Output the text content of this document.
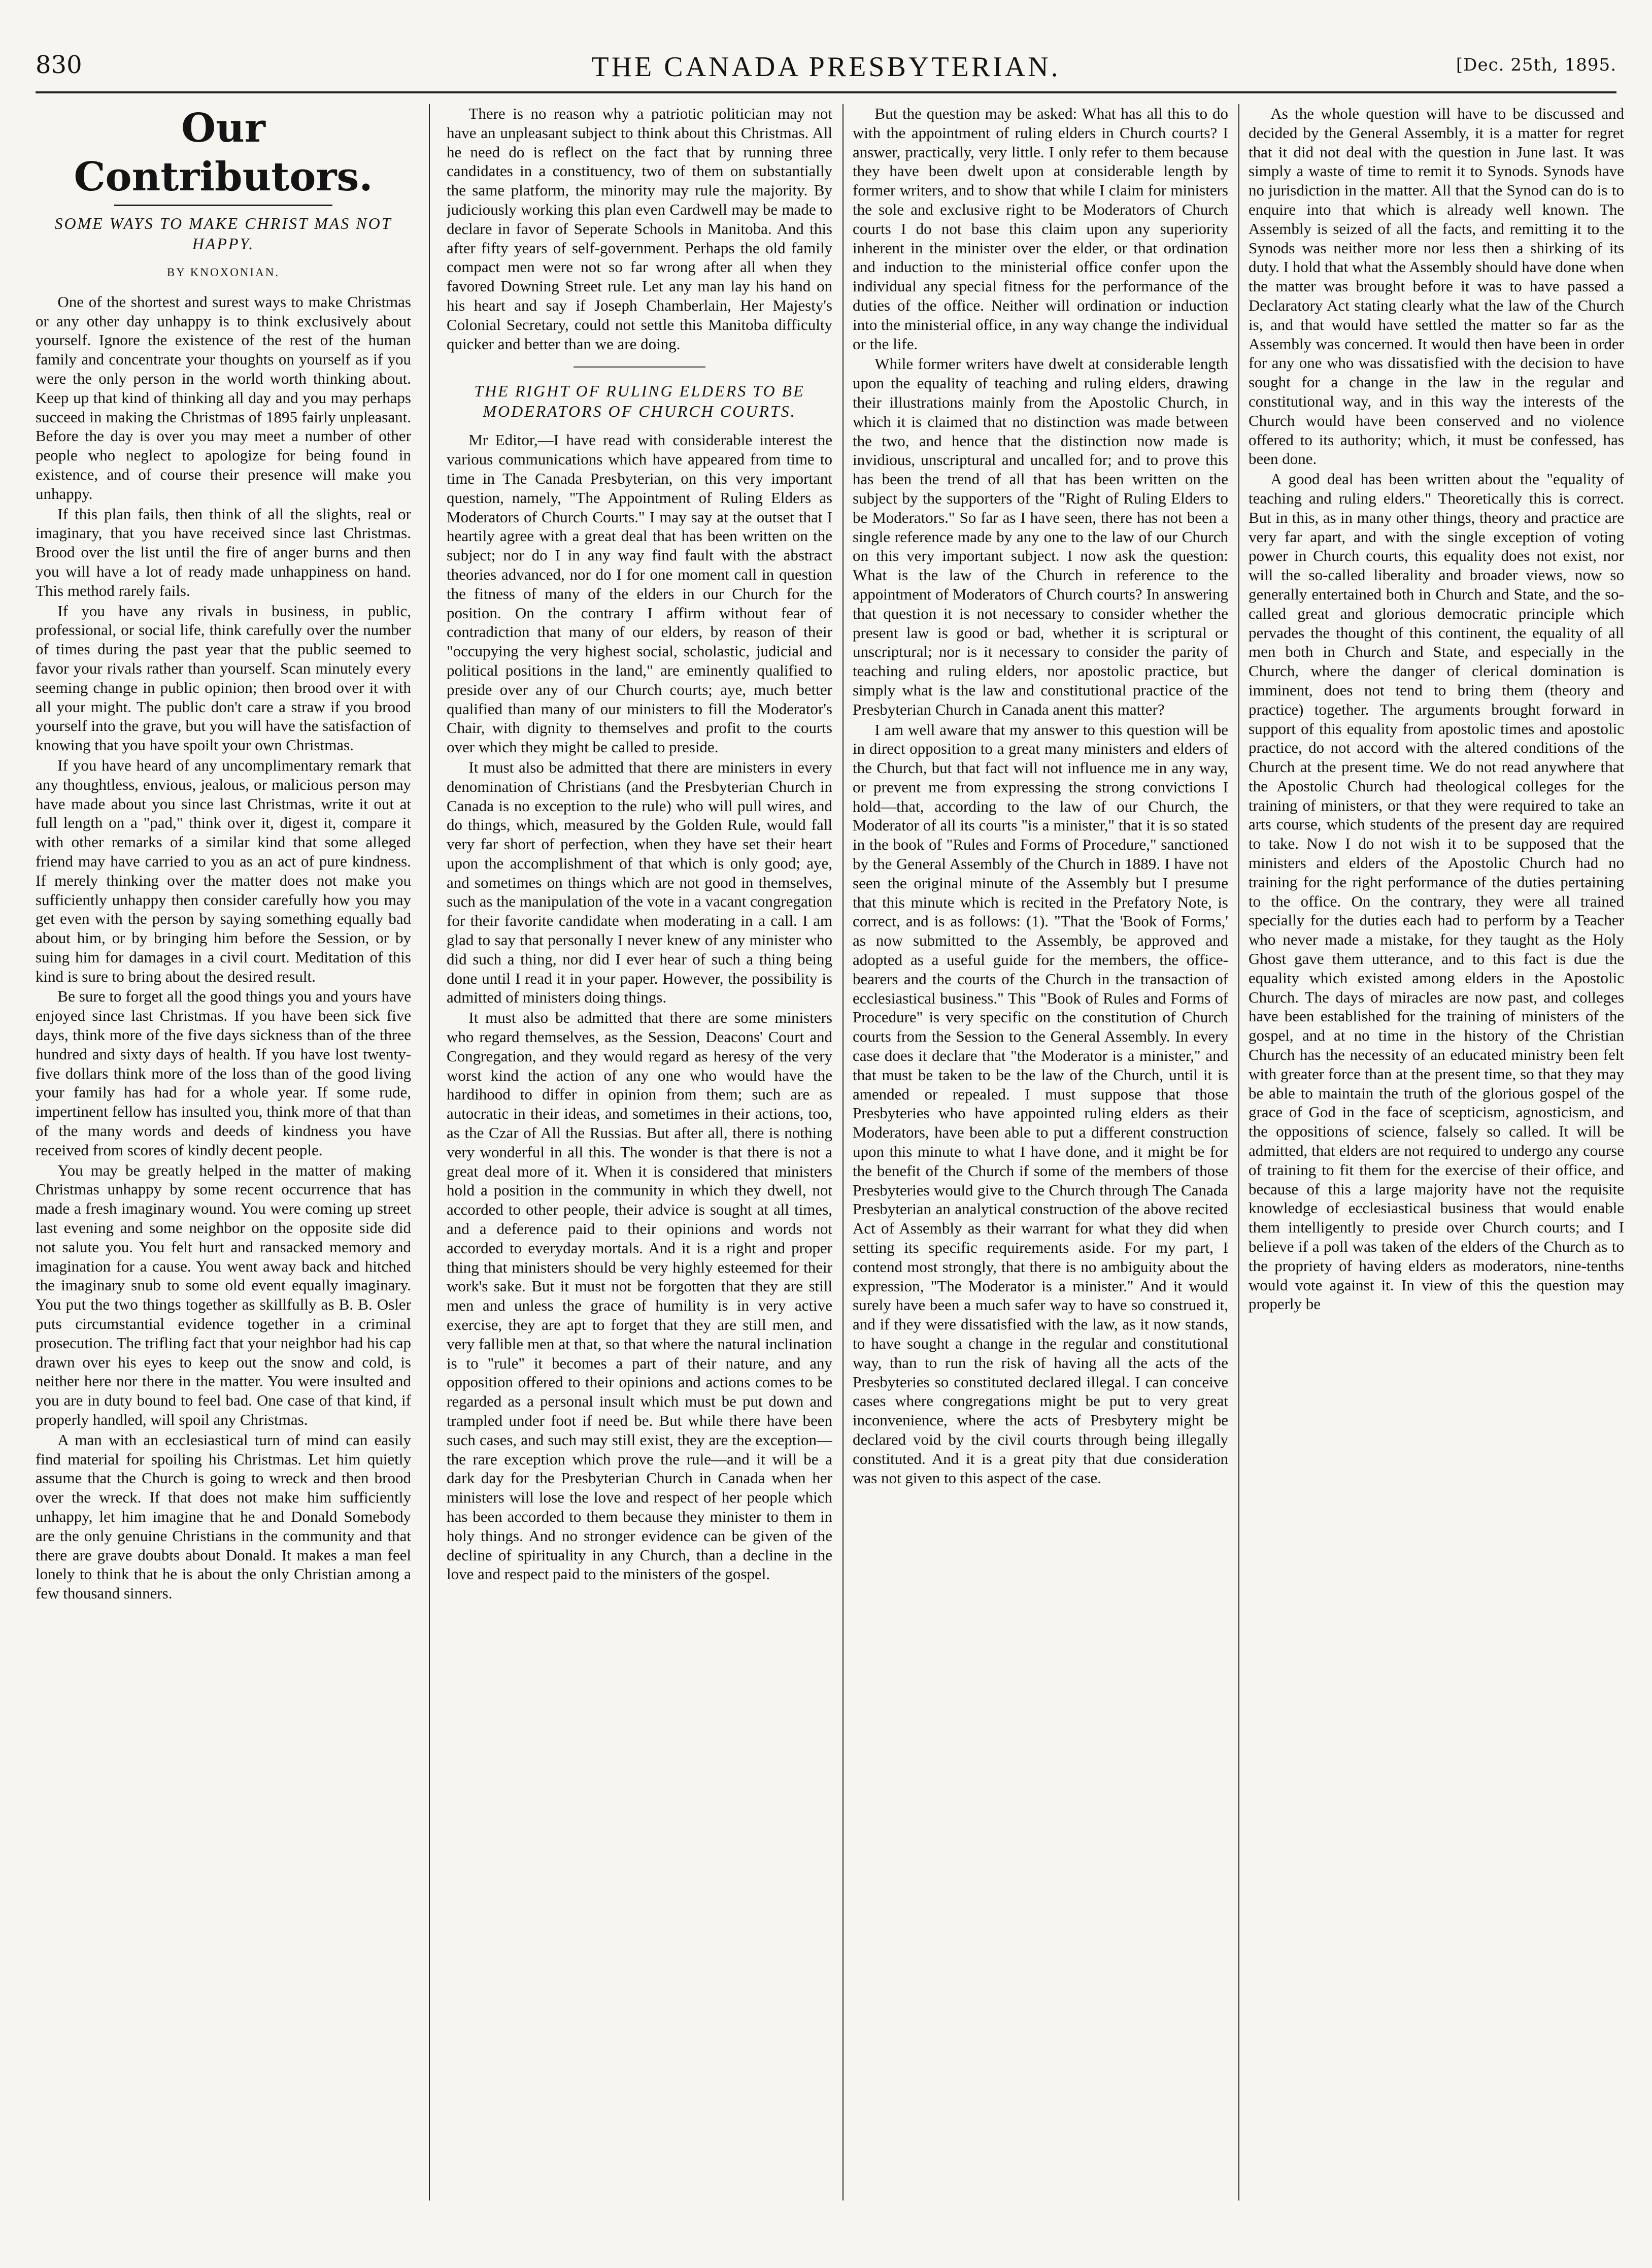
830	THE CANADA PRESBYTERIAN.	[Dec. 25th, 1895.
Our Contributors.
SOME WAYS TO MAKE CHRIST MAS NOT HAPPY.
BY KNOXONIAN.

One of the shortest and surest ways to make Christmas or any other day unhappy is to think exclusively about yourself. Ignore the existence of the rest of the human family and concentrate your thoughts on yourself as if you were the only person in the world worth thinking about. Keep up that kind of thinking all day and you may perhaps succeed in making the Christmas of 1895 fairly unpleasant. Before the day is over you may meet a number of other people who neglect to apologize for being found in existence, and of course their presence will make you unhappy.

If this plan fails, then think of all the slights, real or imaginary, that you have received since last Christmas. Brood over the list until the fire of anger burns and then you will have a lot of ready made unhappiness on hand. This method rarely fails.

If you have any rivals in business, in public, professional, or social life, think carefully over the number of times during the past year that the public seemed to favor your rivals rather than yourself. Scan minutely every seeming change in public opinion; then brood over it with all your might. The public don't care a straw if you brood yourself into the grave, but you will have the satisfaction of knowing that you have spoilt your own Christmas.

If you have heard of any uncomplimentary remark that any thoughtless, envious, jealous, or malicious person may have made about you since last Christmas, write it out at full length on a "pad," think over it, digest it, compare it with other remarks of a similar kind that some alleged friend may have carried to you as an act of pure kindness. If merely thinking over the matter does not make you sufficiently unhappy then consider carefully how you may get even with the person by saying something equally bad about him, or by bringing him before the Session, or by suing him for damages in a civil court. Meditation of this kind is sure to bring about the desired result.

Be sure to forget all the good things you and yours have enjoyed since last Christmas. If you have been sick five days, think more of the five days sickness than of the three hundred and sixty days of health. If you have lost twenty-five dollars think more of the loss than of the good living your family has had for a whole year. If some rude, impertinent fellow has insulted you, think more of that than of the many words and deeds of kindness you have received from scores of kindly decent people.

You may be greatly helped in the matter of making Christmas unhappy by some recent occurrence that has made a fresh imaginary wound. You were coming up street last evening and some neighbor on the opposite side did not salute you. You felt hurt and ransacked memory and imagination for a cause. You went away back and hitched the imaginary snub to some old event equally imaginary. You put the two things together as skillfully as B. B. Osler puts circumstantial evidence together in a criminal prosecution. The trifling fact that your neighbor had his cap drawn over his eyes to keep out the snow and cold, is neither here nor there in the matter. You were insulted and you are in duty bound to feel bad. One case of that kind, if properly handled, will spoil any Christmas.

A man with an ecclesiastical turn of mind can easily find material for spoiling his Christmas. Let him quietly assume that the Church is going to wreck and then brood over the wreck. If that does not make him sufficiently unhappy, let him imagine that he and Donald Somebody are the only genuine Christians in the community and that there are grave doubts about Donald. It makes a man feel lonely to think that he is about the only Christian among a few thousand sinners.

There is no reason why a patriotic politician may not have an unpleasant subject to think about this Christmas. All he need do is reflect on the fact that by running three candidates in a constituency, two of them on substantially the same platform, the minority may rule the majority. By judiciously working this plan even Cardwell may be made to declare in favor of Seperate Schools in Manitoba. And this after fifty years of self-government. Perhaps the old family compact men were not so far wrong after all when they favored Downing Street rule. Let any man lay his hand on his heart and say if Joseph Chamberlain, Her Majesty's Colonial Secretary, could not settle this Manitoba difficulty quicker and better than we are doing.

THE RIGHT OF RULING ELDERS TO BE MODERATORS OF CHURCH COURTS.

Mr Editor,—I have read with considerable interest the various communications which have appeared from time to time in The Canada Presbyterian, on this very important question, namely, "The Appointment of Ruling Elders as Moderators of Church Courts." I may say at the outset that I heartily agree with a great deal that has been written on the subject; nor do I in any way find fault with the abstract theories advanced, nor do I for one moment call in question the fitness of many of the elders in our Church for the position. On the contrary I affirm without fear of contradiction that many of our elders, by reason of their "occupying the very highest social, scholastic, judicial and political positions in the land," are eminently qualified to preside over any of our Church courts; aye, much better qualified than many of our ministers to fill the Moderator's Chair, with dignity to themselves and profit to the courts over which they might be called to preside.

It must also be admitted that there are ministers in every denomination of Christians (and the Presbyterian Church in Canada is no exception to the rule) who will pull wires, and do things, which, measured by the Golden Rule, would fall very far short of perfection, when they have set their heart upon the accomplishment of that which is only good; aye, and sometimes on things which are not good in themselves, such as the manipulation of the vote in a vacant congregation for their favorite candidate when moderating in a call. I am glad to say that personally I never knew of any minister who did such a thing, nor did I ever hear of such a thing being done until I read it in your paper. However, the possibility is admitted of ministers doing things.

It must also be admitted that there are some ministers who regard themselves, as the Session, Deacons' Court and Congregation, and they would regard as heresy of the very worst kind the action of any one who would have the hardihood to differ in opinion from them; such are as autocratic in their ideas, and sometimes in their actions, too, as the Czar of All the Russias. But after all, there is nothing very wonderful in all this. The wonder is that there is not a great deal more of it. When it is considered that ministers hold a position in the community in which they dwell, not accorded to other people, their advice is sought at all times, and a deference paid to their opinions and words not accorded to everyday mortals. And it is a right and proper thing that ministers should be very highly esteemed for their work's sake. But it must not be forgotten that they are still men and unless the grace of humility is in very active exercise, they are apt to forget that they are still men, and very fallible men at that, so that where the natural inclination is to "rule" it becomes a part of their nature, and any opposition offered to their opinions and actions comes to be regarded as a personal insult which must be put down and trampled under foot if need be. But while there have been such cases, and such may still exist, they are the exception—the rare exception which prove the rule—and it will be a dark day for the Presbyterian Church in Canada when her ministers will lose the love and respect of her people which has been accorded to them because they minister to them in holy things. And no stronger evidence can be given of the decline of spirituality in any Church, than a decline in the love and respect paid to the ministers of the gospel.

But the question may be asked: What has all this to do with the appointment of ruling elders in Church courts? I answer, practically, very little. I only refer to them because they have been dwelt upon at considerable length by former writers, and to show that while I claim for ministers the sole and exclusive right to be Moderators of Church courts I do not base this claim upon any superiority inherent in the minister over the elder, or that ordination and induction to the ministerial office confer upon the individual any special fitness for the performance of the duties of the office. Neither will ordination or induction into the ministerial office, in any way change the individual or the life.

While former writers have dwelt at considerable length upon the equality of teaching and ruling elders, drawing their illustrations mainly from the Apostolic Church, in which it is claimed that no distinction was made between the two, and hence that the distinction now made is invidious, unscriptural and uncalled for; and to prove this has been the trend of all that has been written on the subject by the supporters of the "Right of Ruling Elders to be Moderators." So far as I have seen, there has not been a single reference made by any one to the law of our Church on this very important subject. I now ask the question: What is the law of the Church in reference to the appointment of Moderators of Church courts? In answering that question it is not necessary to consider whether the present law is good or bad, whether it is scriptural or unscriptural; nor is it necessary to consider the parity of teaching and ruling elders, nor apostolic practice, but simply what is the law and constitutional practice of the Presbyterian Church in Canada anent this matter?

I am well aware that my answer to this question will be in direct opposition to a great many ministers and elders of the Church, but that fact will not influence me in any way, or prevent me from expressing the strong convictions I hold—that, according to the law of our Church, the Moderator of all its courts "is a minister," that it is so stated in the book of "Rules and Forms of Procedure," sanctioned by the General Assembly of the Church in 1889. I have not seen the original minute of the Assembly but I presume that this minute which is recited in the Prefatory Note, is correct, and is as follows: (1). "That the 'Book of Forms,' as now submitted to the Assembly, be approved and adopted as a useful guide for the members, the office-bearers and the courts of the Church in the transaction of ecclesiastical business." This "Book of Rules and Forms of Procedure" is very specific on the constitution of Church courts from the Session to the General Assembly. In every case does it declare that "the Moderator is a minister," and that must be taken to be the law of the Church, until it is amended or repealed. I must suppose that those Presbyteries who have appointed ruling elders as their Moderators, have been able to put a different construction upon this minute to what I have done, and it might be for the benefit of the Church if some of the members of those Presbyteries would give to the Church through The Canada Presbyterian an analytical construction of the above recited Act of Assembly as their warrant for what they did when setting its specific requirements aside. For my part, I contend most strongly, that there is no ambiguity about the expression, "The Moderator is a minister." And it would surely have been a much safer way to have so construed it, and if they were dissatisfied with the law, as it now stands, to have sought a change in the regular and constitutional way, than to run the risk of having all the acts of the Presbyteries so constituted declared illegal. I can conceive cases where congregations might be put to very great inconvenience, where the acts of Presbytery might be declared void by the civil courts through being illegally constituted. And it is a great pity that due consideration was not given to this aspect of the case.

As the whole question will have to be discussed and decided by the General Assembly, it is a matter for regret that it did not deal with the question in June last. It was simply a waste of time to remit it to Synods. Synods have no jurisdiction in the matter. All that the Synod can do is to enquire into that which is already well known. The Assembly is seized of all the facts, and remitting it to the Synods was neither more nor less then a shirking of its duty. I hold that what the Assembly should have done when the matter was brought before it was to have passed a Declaratory Act stating clearly what the law of the Church is, and that would have settled the matter so far as the Assembly was concerned. It would then have been in order for any one who was dissatisfied with the decision to have sought for a change in the law in the regular and constitutional way, and in this way the interests of the Church would have been conserved and no violence offered to its authority; which, it must be confessed, has been done.

A good deal has been written about the "equality of teaching and ruling elders." Theoretically this is correct. But in this, as in many other things, theory and practice are very far apart, and with the single exception of voting power in Church courts, this equality does not exist, nor will the so-called liberality and broader views, now so generally entertained both in Church and State, and the so-called great and glorious democratic principle which pervades the thought of this continent, the equality of all men both in Church and State, and especially in the Church, where the danger of clerical domination is imminent, does not tend to bring them (theory and practice) together. The arguments brought forward in support of this equality from apostolic times and apostolic practice, do not accord with the altered conditions of the Church at the present time. We do not read anywhere that the Apostolic Church had theological colleges for the training of ministers, or that they were required to take an arts course, which students of the present day are required to take. Now I do not wish it to be supposed that the ministers and elders of the Apostolic Church had no training for the right performance of the duties pertaining to the office. On the contrary, they were all trained specially for the duties each had to perform by a Teacher who never made a mistake, for they taught as the Holy Ghost gave them utterance, and to this fact is due the equality which existed among elders in the Apostolic Church. The days of miracles are now past, and colleges have been established for the training of ministers of the gospel, and at no time in the history of the Christian Church has the necessity of an educated ministry been felt with greater force than at the present time, so that they may be able to maintain the truth of the glorious gospel of the grace of God in the face of scepticism, agnosticism, and the oppositions of science, falsely so called. It will be admitted, that elders are not required to undergo any course of training to fit them for the exercise of their office, and because of this a large majority have not the requisite knowledge of ecclesiastical business that would enable them intelligently to preside over Church courts; and I believe if a poll was taken of the elders of the Church as to the propriety of having elders as moderators, nine-tenths would vote against it. In view of this the question may properly be
